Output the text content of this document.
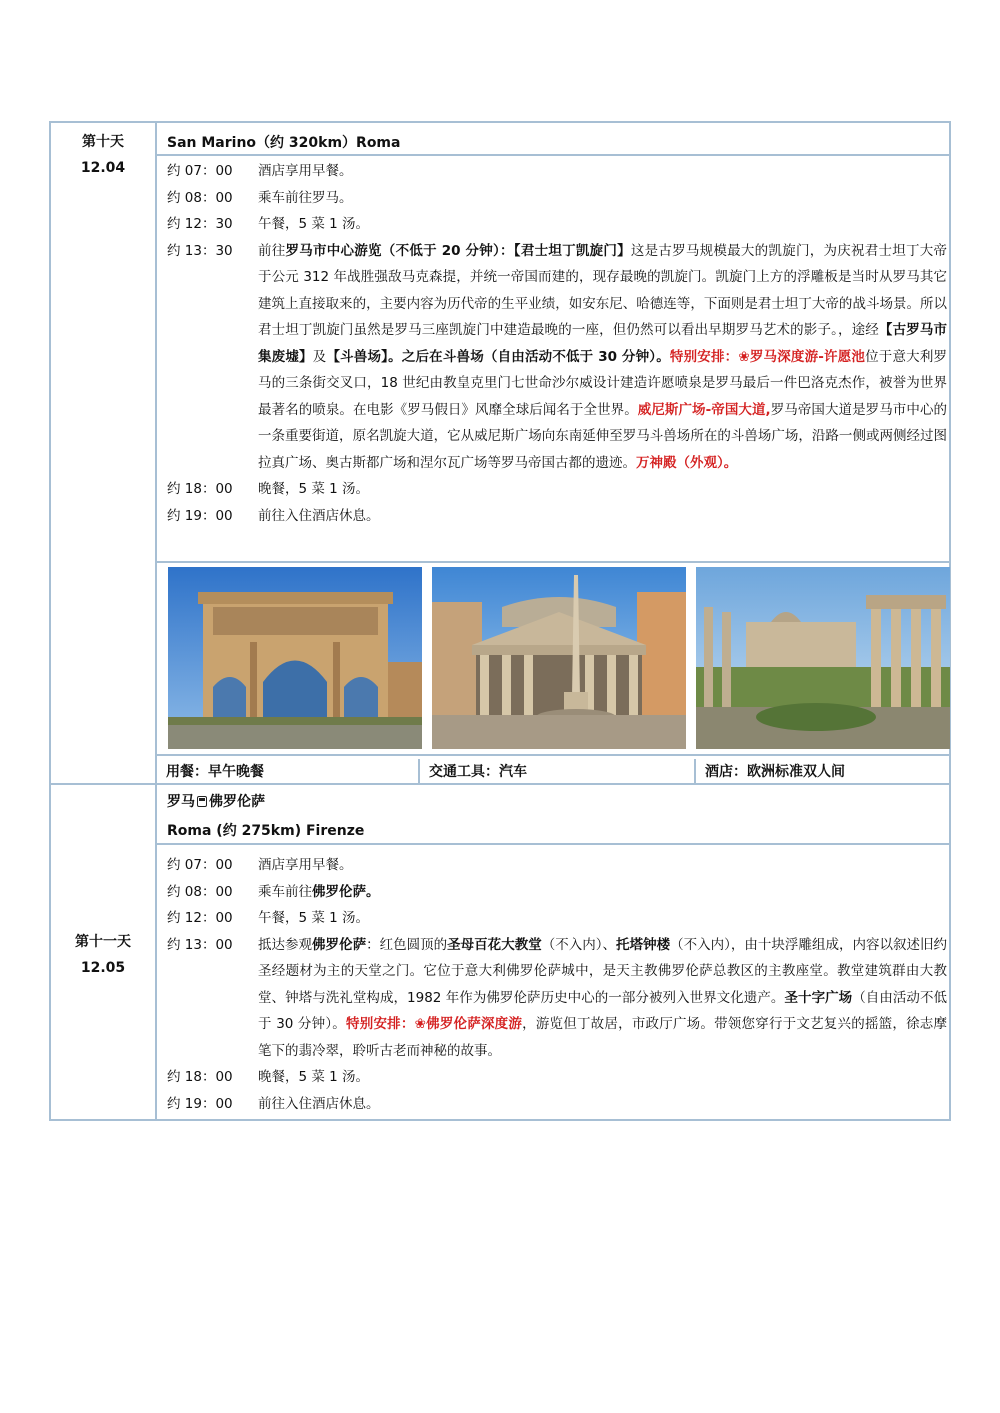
第十天
12.04
San Marino（约 320km）Roma
约 07：00	酒店享用早餐。
约 08：00	乘车前往罗马。
约 12：30	午餐，5 菜 1 汤。
约 13：30	前往罗马市中心游览（不低于 20 分钟）：【君士坦丁凯旋门】这是古罗马规模最大的凯旋门，为庆祝君士坦丁大帝于公元 312 年战胜强敌马克森提，并统一帝国而建的，现存最晚的凯旋门。凯旋门上方的浮雕板是当时从罗马其它建筑上直接取来的，主要内容为历代帝的生平业绩，如安东尼、哈德连等，下面则是君士坦丁大帝的战斗场景。所以君士坦丁凯旋门虽然是罗马三座凯旋门中建造最晚的一座，但仍然可以看出早期罗马艺术的影子。，途经【古罗马市集废墟】及【斗兽场】。之后在斗兽场（自由活动不低于 30 分钟）。特别安排：❀罗马深度游-许愿池位于意大利罗马的三条街交叉口，18 世纪由教皇克里门七世命沙尔威设计建造许愿喷泉是罗马最后一件巴洛克杰作，被誉为世界最著名的喷泉。在电影《罗马假日》风靡全球后闻名于全世界。威尼斯广场-帝国大道,罗马帝国大道是罗马市中心的一条重要街道，原名凯旋大道，它从威尼斯广场向东南延伸至罗马斗兽场所在的斗兽场广场，沿路一侧或两侧经过图拉真广场、奥古斯都广场和涅尔瓦广场等罗马帝国古都的遗迹。万神殿（外观）。
约 18：00	晚餐，5 菜 1 汤。
约 19：00	前往入住酒店休息。
用餐：早午晚餐	交通工具：汽车	酒店：欧洲标准双人间
第十一天
12.05
罗马 佛罗伦萨
Roma (约 275km) Firenze
约 07：00	酒店享用早餐。
约 08：00	乘车前往佛罗伦萨。
约 12：00	午餐，5 菜 1 汤。
约 13：00	抵达参观佛罗伦萨：红色圆顶的圣母百花大教堂（不入内）、托塔钟楼（不入内），由十块浮雕组成，内容以叙述旧约圣经题材为主的天堂之门。它位于意大利佛罗伦萨城中，是天主教佛罗伦萨总教区的主教座堂。教堂建筑群由大教堂、钟塔与洗礼堂构成，1982 年作为佛罗伦萨历史中心的一部分被列入世界文化遗产。圣十字广场（自由活动不低于 30 分钟）。特别安排：❀佛罗伦萨深度游，游览但丁故居，市政厅广场。带领您穿行于文艺复兴的摇篮，徐志摩笔下的翡冷翠，聆听古老而神秘的故事。
约 18：00	晚餐，5 菜 1 汤。
约 19：00	前往入住酒店休息。
